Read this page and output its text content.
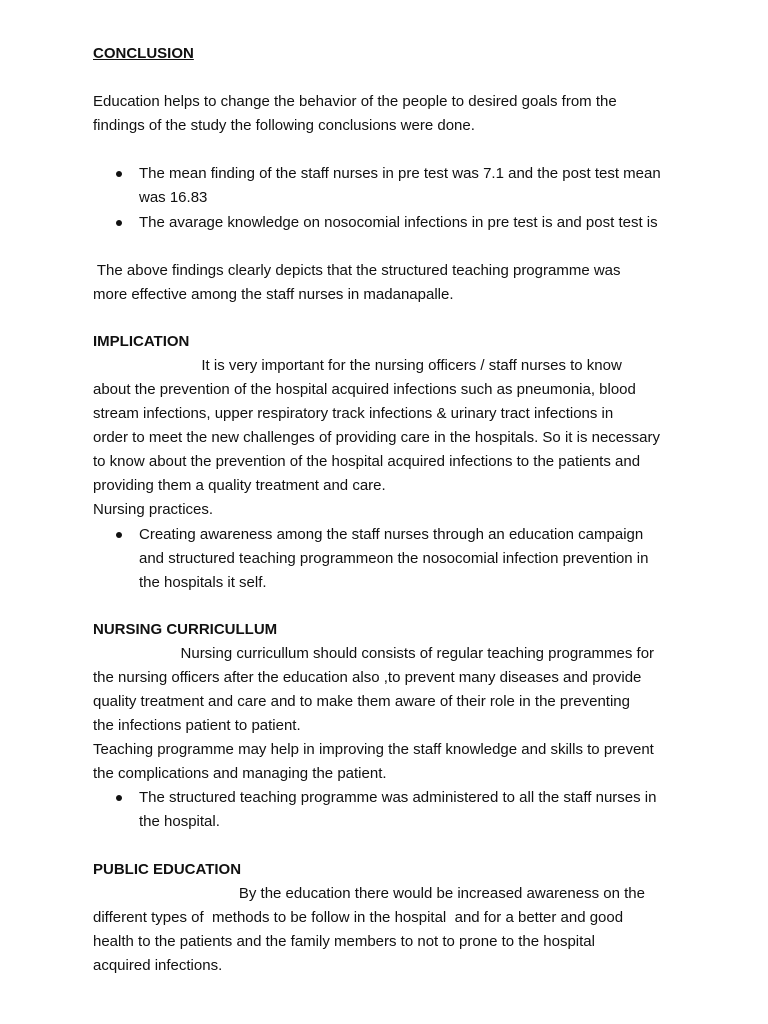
CONCLUSION
Education helps to change the behavior of the people to desired goals from the
findings of the study the following conclusions were done.
The mean finding of the staff nurses in pre test was 7.1 and the post test mean
was 16.83
The avarage knowledge on nosocomial infections in pre test is and post test is
The above findings clearly depicts that the structured teaching programme was
more effective among the staff nurses in madanapalle.
IMPLICATION
It is very important for the nursing officers / staff nurses to know
about the prevention of the hospital acquired infections such as pneumonia, blood
stream infections, upper respiratory track infections & urinary tract infections in
order to meet the new challenges of providing care in the hospitals. So it is necessary
to know about the prevention of the hospital acquired infections to the patients and
providing them a quality treatment and care.
Nursing practices.
Creating awareness among the staff nurses through an education campaign
and structured teaching programmeon the nosocomial infection prevention in
the hospitals it self.
NURSING CURRICULLUM
Nursing curricullum should consists of regular teaching programmes for
the nursing officers after the education also ,to prevent many diseases and provide
quality treatment and care and to make them aware of their role in the preventing
the infections patient to patient.
Teaching programme may help in improving the staff knowledge and skills to prevent
the complications and managing the patient.
The structured teaching programme was administered to all the staff nurses in
the hospital.
PUBLIC EDUCATION
By the education there would be increased awareness on the
different types of  methods to be follow in the hospital  and for a better and good
health to the patients and the family members to not to prone to the hospital
acquired infections.
